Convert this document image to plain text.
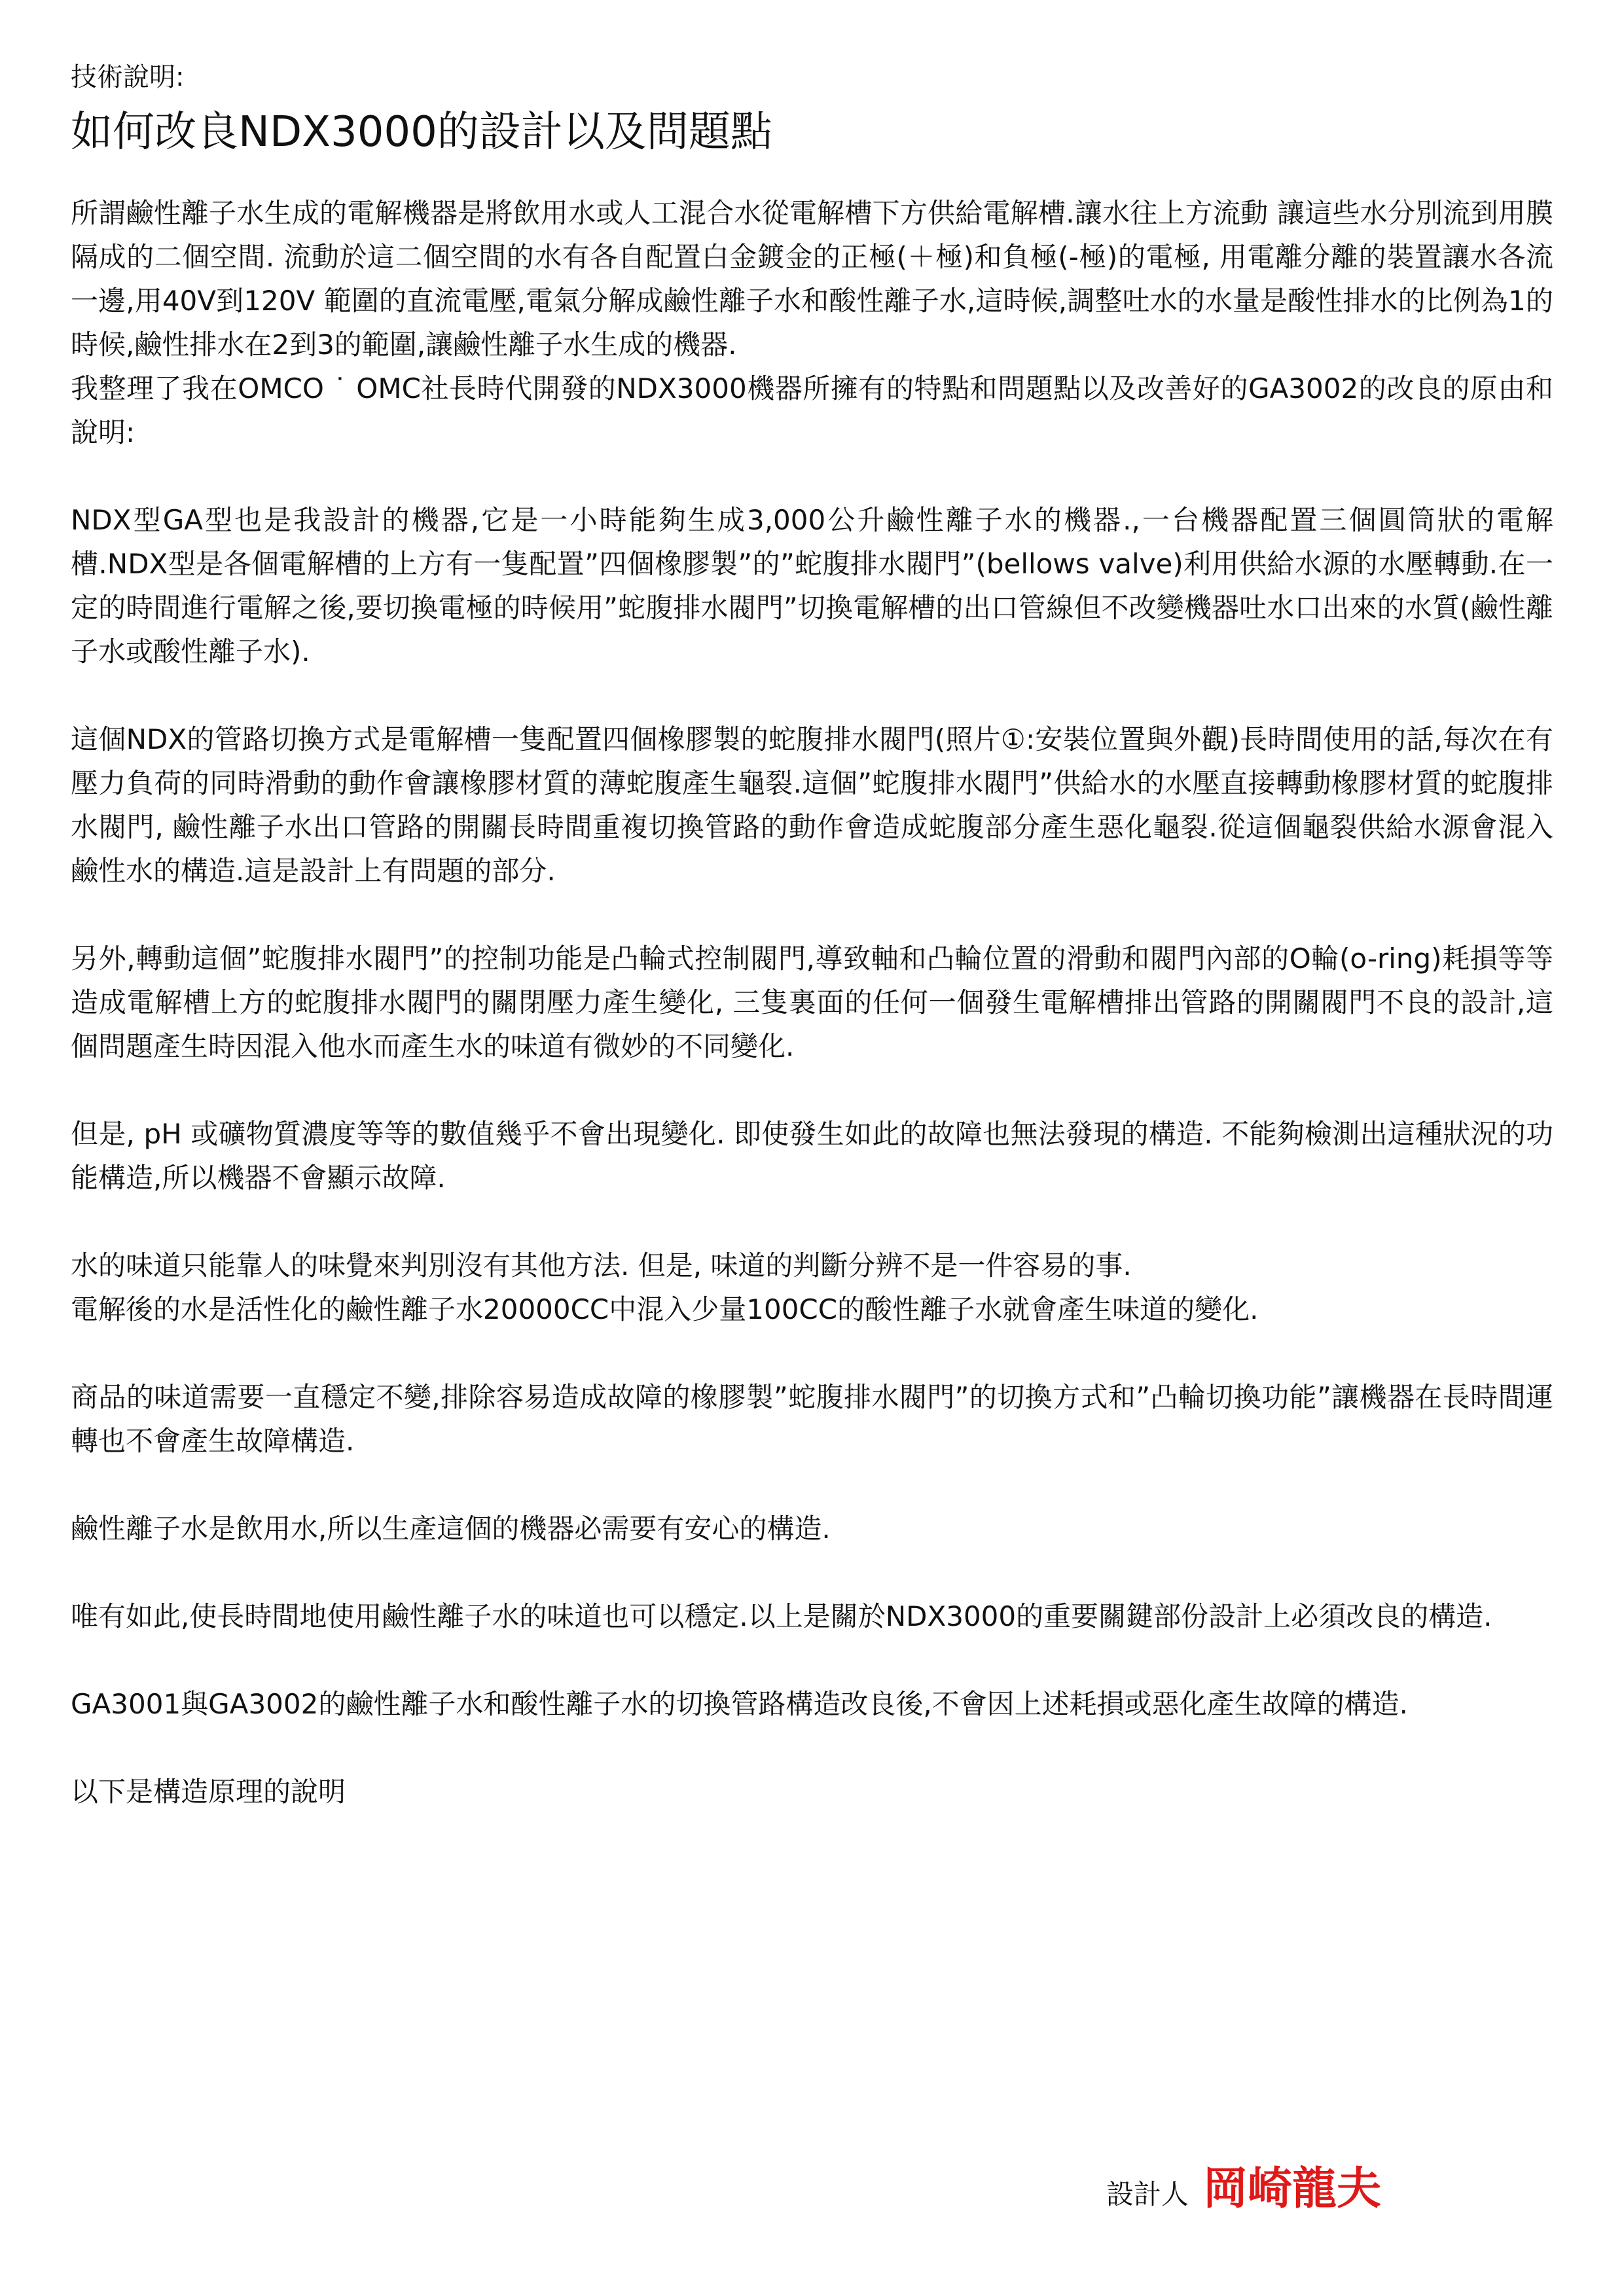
技術說明:
如何改良NDX3000的設計以及問題點

所謂鹼性離子水生成的電解機器是將飲用水或人工混合水從電解槽下方供給電解槽.讓水往上方流動 讓這些水分別流到用膜隔成的二個空間. 流動於這二個空間的水有各自配置白金鍍金的正極(＋極)和負極(-極)的電極, 用電離分離的裝置讓水各流一邊,用40V到120V 範圍的直流電壓,電氣分解成鹼性離子水和酸性離子水,這時候,調整吐水的水量是酸性排水的比例為1的時候,鹼性排水在2到3的範圍,讓鹼性離子水生成的機器.

我整理了我在OMCO ˙ OMC社長時代開發的NDX3000機器所擁有的特點和問題點以及改善好的GA3002的改良的原由和說明:

NDX型GA型也是我設計的機器,它是一小時能夠生成3,000公升鹼性離子水的機器.,一台機器配置三個圓筒狀的電解槽.NDX型是各個電解槽的上方有一隻配置”四個橡膠製”的”蛇腹排水閥門”(bellows valve)利用供給水源的水壓轉動.在一定的時間進行電解之後,要切換電極的時候用”蛇腹排水閥門”切換電解槽的出口管線但不改變機器吐水口出來的水質(鹼性離子水或酸性離子水).

這個NDX的管路切換方式是電解槽一隻配置四個橡膠製的蛇腹排水閥門(照片①:安裝位置與外觀)長時間使用的話,每次在有壓力負荷的同時滑動的動作會讓橡膠材質的薄蛇腹產生龜裂.這個”蛇腹排水閥門”供給水的水壓直接轉動橡膠材質的蛇腹排水閥門, 鹼性離子水出口管路的開關長時間重複切換管路的動作會造成蛇腹部分產生惡化龜裂.從這個龜裂供給水源會混入鹼性水的構造.這是設計上有問題的部分.

另外,轉動這個”蛇腹排水閥門”的控制功能是凸輪式控制閥門,導致軸和凸輪位置的滑動和閥門內部的O輪(o-ring)耗損等等造成電解槽上方的蛇腹排水閥門的關閉壓力產生變化, 三隻裏面的任何一個發生電解槽排出管路的開關閥門不良的設計,這個問題產生時因混入他水而產生水的味道有微妙的不同變化.

但是, pH 或礦物質濃度等等的數值幾乎不會出現變化. 即使發生如此的故障也無法發現的構造. 不能夠檢測出這種狀況的功能構造,所以機器不會顯示故障.

水的味道只能靠人的味覺來判別沒有其他方法. 但是, 味道的判斷分辨不是一件容易的事.

電解後的水是活性化的鹼性離子水20000CC中混入少量100CC的酸性離子水就會產生味道的變化.

商品的味道需要一直穩定不變,排除容易造成故障的橡膠製”蛇腹排水閥門”的切換方式和”凸輪切換功能”讓機器在長時間運轉也不會產生故障構造.

鹼性離子水是飲用水,所以生產這個的機器必需要有安心的構造.

唯有如此,使長時間地使用鹼性離子水的味道也可以穩定.以上是關於NDX3000的重要關鍵部份設計上必須改良的構造.

GA3001與GA3002的鹼性離子水和酸性離子水的切換管路構造改良後,不會因上述耗損或惡化產生故障的構造.

以下是構造原理的說明

設計人 岡崎龍夫
